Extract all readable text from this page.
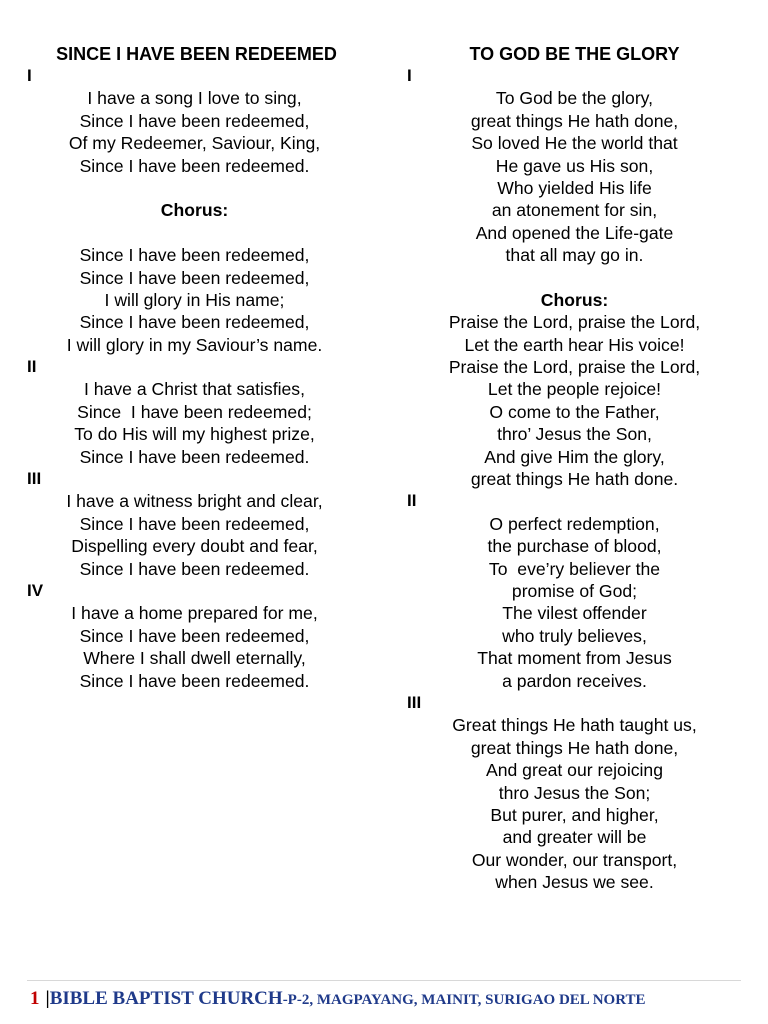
SINCE I HAVE BEEN REDEEMED
I
I have a song I love to sing,
Since I have been redeemed,
Of my Redeemer, Saviour, King,
Since I have been redeemed.
Chorus:
Since I have been redeemed,
Since I have been redeemed,
I will glory in His name;
Since I have been redeemed,
I will glory in my Saviour’s name.
II
I have a Christ that satisfies,
Since  I have been redeemed;
To do His will my highest prize,
Since I have been redeemed.
III
I have a witness bright and clear,
Since I have been redeemed,
Dispelling every doubt and fear,
Since I have been redeemed.
IV
I have a home prepared for me,
Since I have been redeemed,
Where I shall dwell eternally,
Since I have been redeemed.
TO GOD BE THE GLORY
I
To God be the glory,
great things He hath done,
So loved He the world that
He gave us His son,
Who yielded His life
an atonement for sin,
And opened the Life-gate
that all may go in.
Chorus:
Praise the Lord, praise the Lord,
Let the earth hear His voice!
Praise the Lord, praise the Lord,
Let the people rejoice!
O come to the Father,
thro’ Jesus the Son,
And give Him the glory,
great things He hath done.
II
O perfect redemption,
the purchase of blood,
To  eve’ry believer the
promise of God;
The vilest offender
who truly believes,
That moment from Jesus
a pardon receives.
III
Great things He hath taught us,
great things He hath done,
And great our rejoicing
thro Jesus the Son;
But purer, and higher,
and greater will be
Our wonder, our transport,
when Jesus we see.
1 |BIBLE BAPTIST CHURCH-P-2, MAGPAYANG, MAINIT, SURIGAO DEL NORTE
